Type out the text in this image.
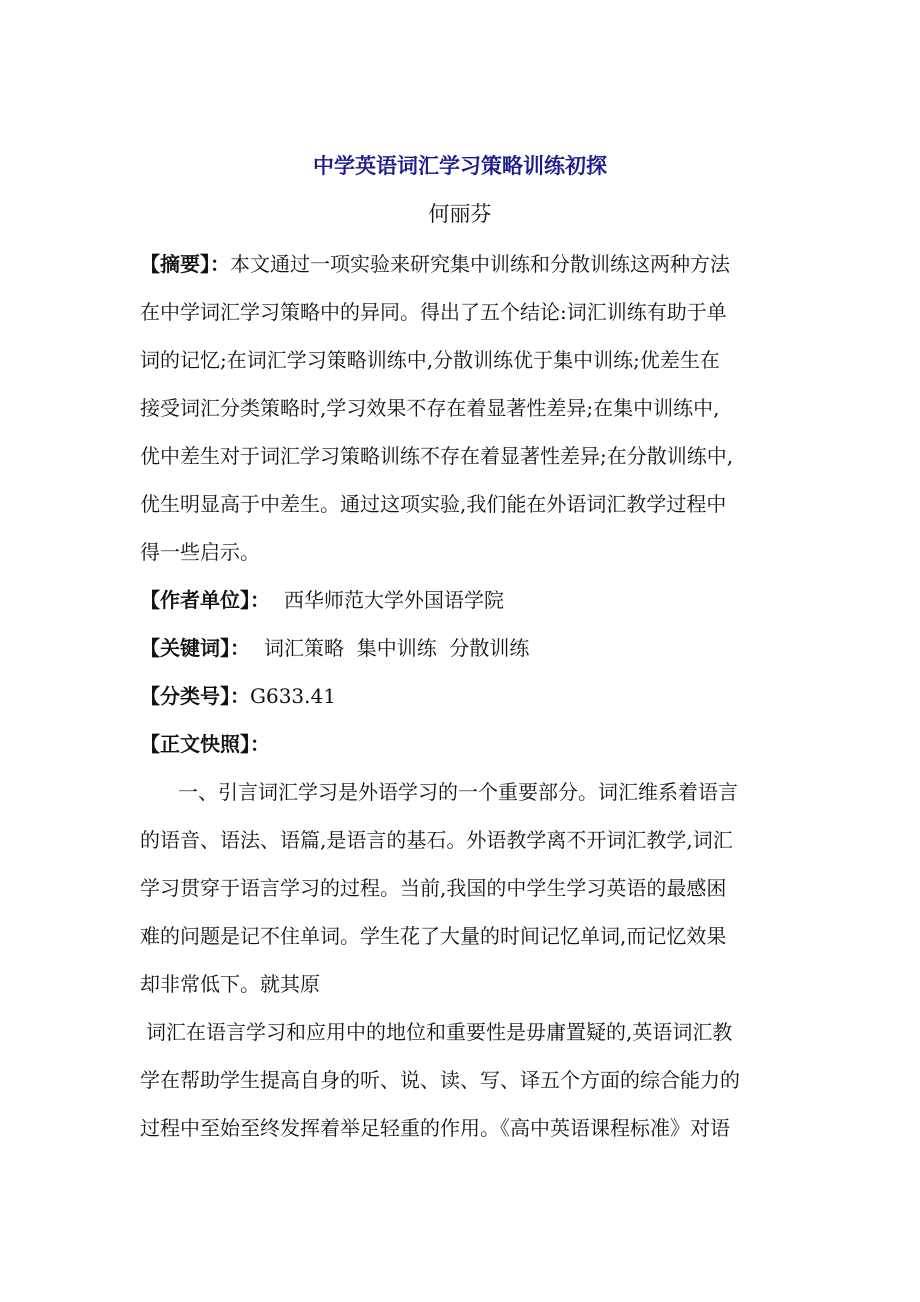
中学英语词汇学习策略训练初探
何丽芬
【摘要】：本文通过一项实验来研究集中训练和分散训练这两种方法
在中学词汇学习策略中的异同。得出了五个结论:词汇训练有助于单
词的记忆;在词汇学习策略训练中,分散训练优于集中训练;优差生在
接受词汇分类策略时,学习效果不存在着显著性差异;在集中训练中,
优中差生对于词汇学习策略训练不存在着显著性差异;在分散训练中,
优生明显高于中差生。通过这项实验,我们能在外语词汇教学过程中
得一些启示。
【作者单位】： 西华师范大学外国语学院
【关键词】： 词汇策略  集中训练  分散训练
【分类号】：G633.41
【正文快照】：
一、引言词汇学习是外语学习的一个重要部分。词汇维系着语言
的语音、语法、语篇,是语言的基石。外语教学离不开词汇教学,词汇
学习贯穿于语言学习的过程。当前,我国的中学生学习英语的最感困
难的问题是记不住单词。学生花了大量的时间记忆单词,而记忆效果
却非常低下。就其原
词汇在语言学习和应用中的地位和重要性是毋庸置疑的,英语词汇教
学在帮助学生提高自身的听、说、读、写、译五个方面的综合能力的
过程中至始至终发挥着举足轻重的作用。《高中英语课程标准》对语
